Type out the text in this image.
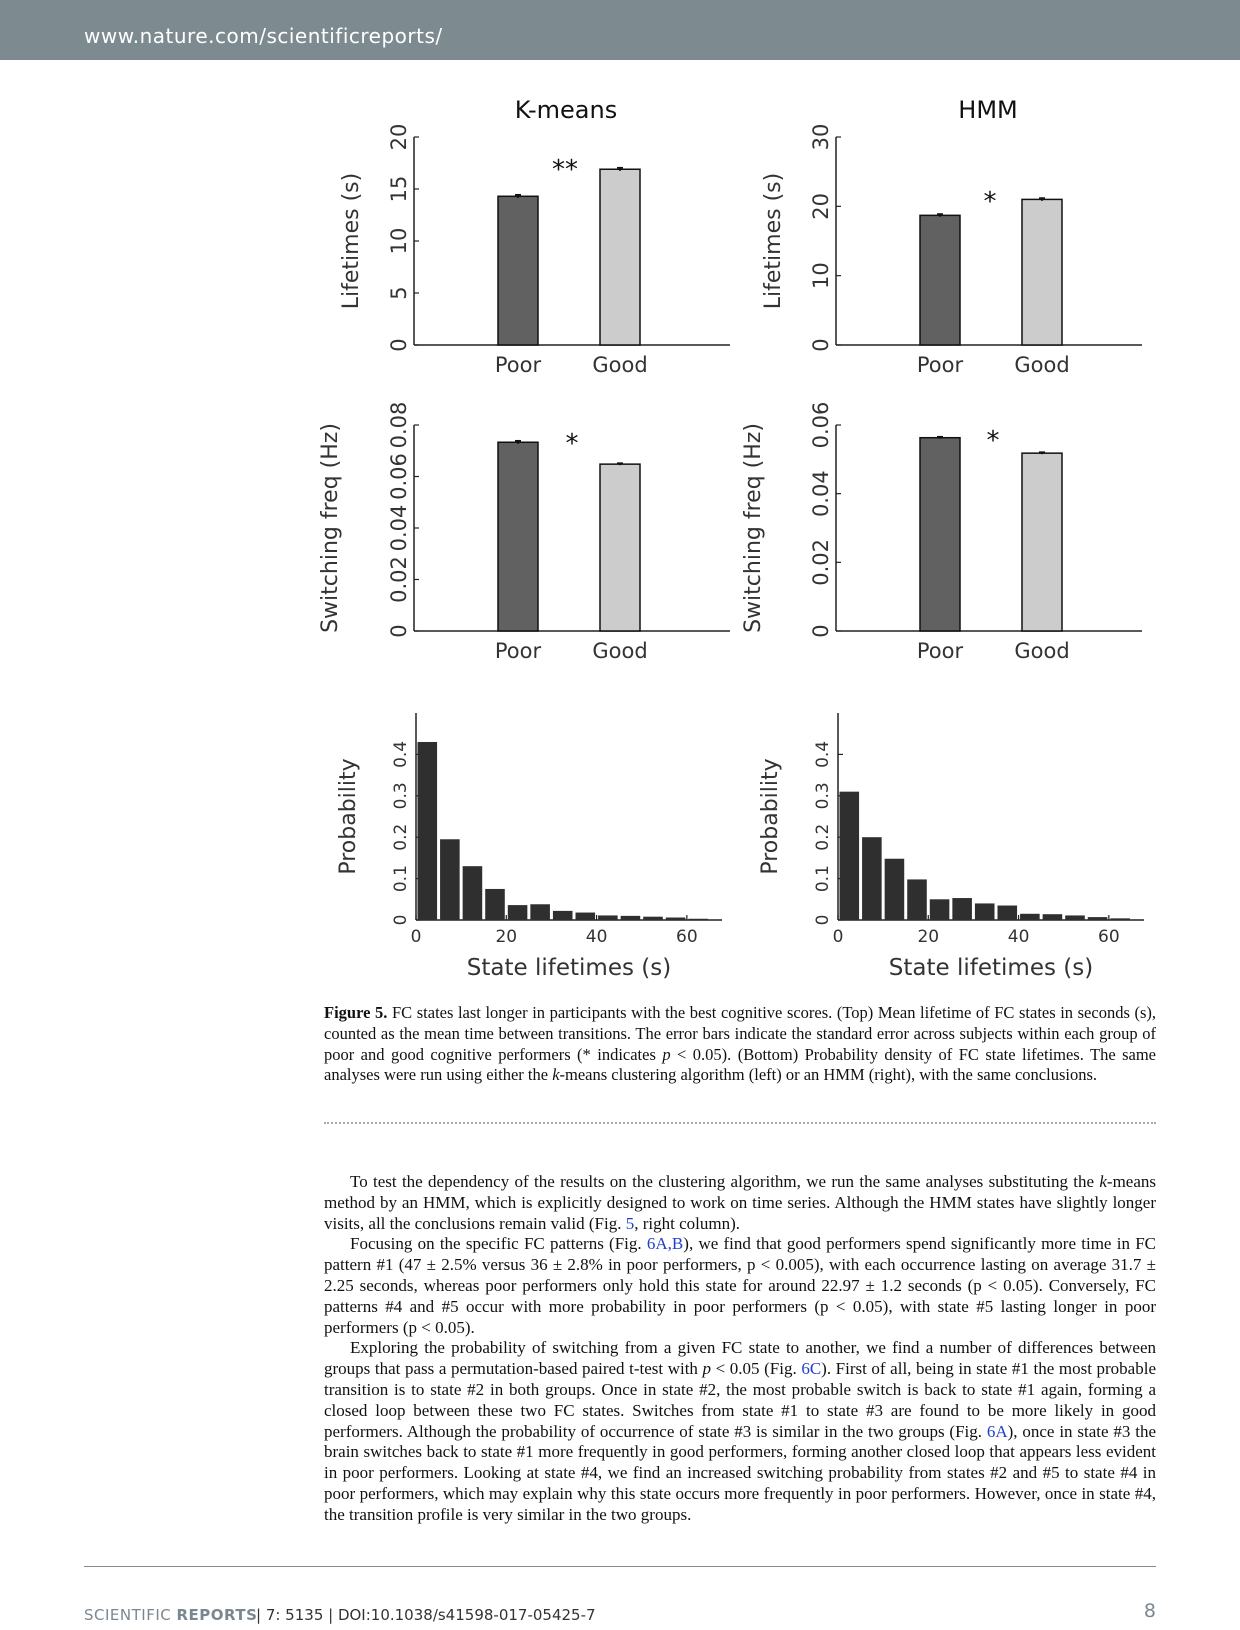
www.nature.com/scientificreports/
K-means	HMM
0
5
10
15
20
Lifetimes (s)
Poor Good
0
10
20
30
Lifetimes (s)
Poor Good
0
0.02
0.04
0.06
0.08
Switching freq (Hz)
Poor Good
0
0.02
0.04
0.06
Switching freq (Hz)
Poor Good
0
0.1
0.2
0.3
0.4
Probability
0	20	40	60
State lifetimes (s)
0
0.1
0.2
0.3
0.4
Probability
0	20	40	60
State lifetimes (s)
**
*
*	*
Figure 5. FC states last longer in participants with the best cognitive scores. (Top) Mean lifetime of FC states in seconds (s), counted as the mean time between transitions. The error bars indicate the standard error across subjects within each group of poor and good cognitive performers (* indicates p < 0.05). (Bottom) Probability density of FC state lifetimes. The same analyses were run using either the k-means clustering algorithm (left) or an HMM (right), with the same conclusions.

To test the dependency of the results on the clustering algorithm, we run the same analyses substituting the k-means method by an HMM, which is explicitly designed to work on time series. Although the HMM states have slightly longer visits, all the conclusions remain valid (Fig. 5, right column).

Focusing on the specific FC patterns (Fig. 6A,B), we find that good performers spend significantly more time in FC pattern #1 (47 ± 2.5% versus 36 ± 2.8% in poor performers, p < 0.005), with each occurrence lasting on average 31.7 ± 2.25 seconds, whereas poor performers only hold this state for around 22.97 ± 1.2 seconds (p < 0.05). Conversely, FC patterns #4 and #5 occur with more probability in poor performers (p < 0.05), with state #5 lasting longer in poor performers (p < 0.05).

Exploring the probability of switching from a given FC state to another, we find a number of differences between groups that pass a permutation-based paired t-test with p < 0.05 (Fig. 6C). First of all, being in state #1 the most probable transition is to state #2 in both groups. Once in state #2, the most probable switch is back to state #1 again, forming a closed loop between these two FC states. Switches from state #1 to state #3 are found to be more likely in good performers. Although the probability of occurrence of state #3 is similar in the two groups (Fig. 6A), once in state #3 the brain switches back to state #1 more frequently in good performers, forming another closed loop that appears less evident in poor performers. Looking at state #4, we find an increased switching probability from states #2 and #5 to state #4 in poor performers, which may explain why this state occurs more frequently in poor performers. However, once in state #4, the transition profile is very similar in the two groups.

SCIENTIFIC REPORTS
| 7: 5135 | DOI:10.1038/s41598-017-05425-7	8
